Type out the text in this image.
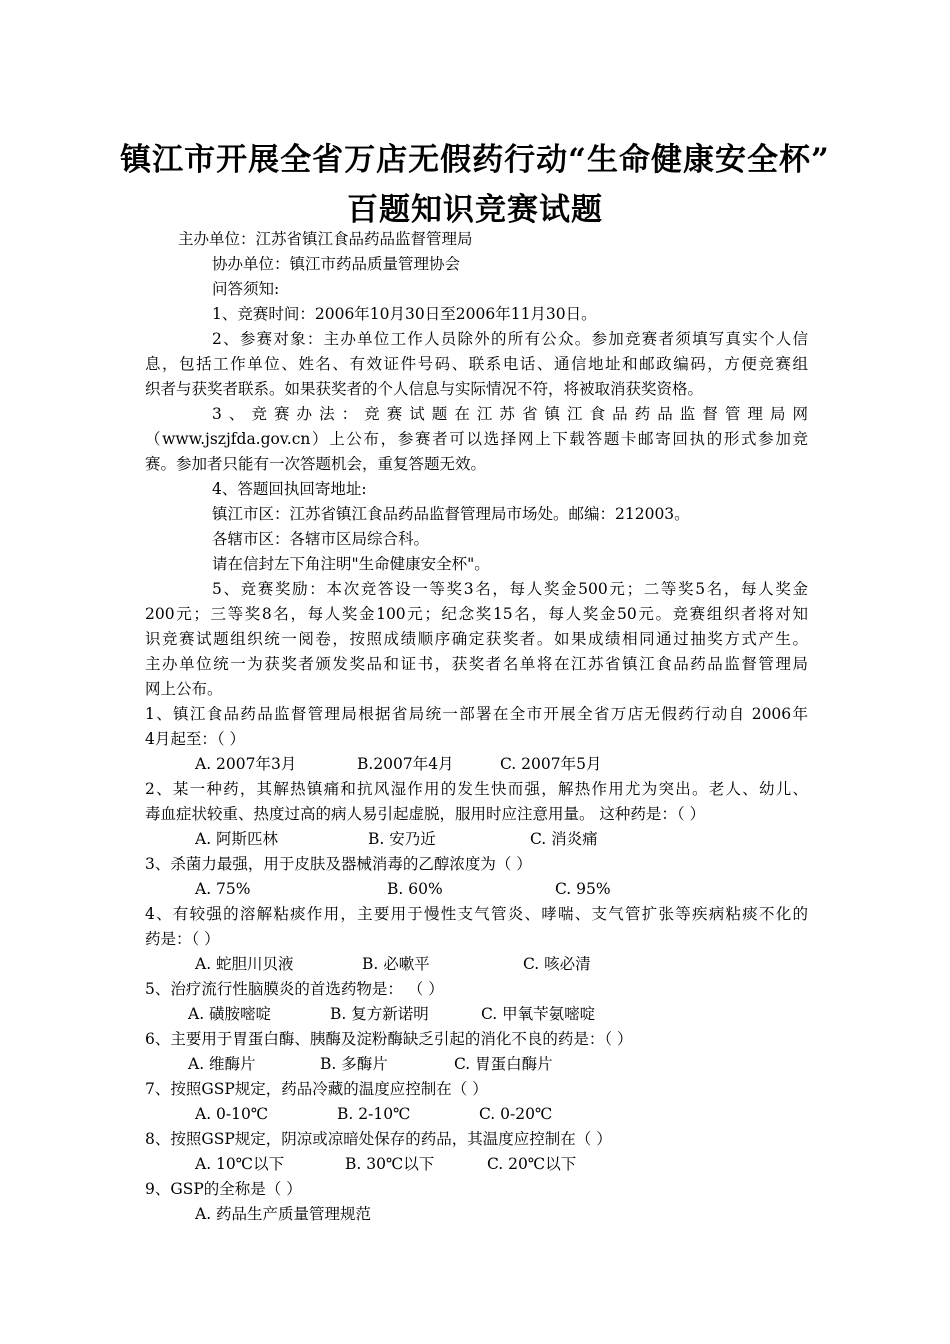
镇江市开展全省万店无假药行动“生命健康安全杯”
百题知识竞赛试题
主办单位：江苏省镇江食品药品监督管理局
协办单位：镇江市药品质量管理协会
问答须知:
1、竞赛时间：2006年10月30日至2006年11月30日。
2、参赛对象：主办单位工作人员除外的所有公众。参加竞赛者须填写真实个人信
息，包括工作单位、姓名、有效证件号码、联系电话、通信地址和邮政编码，方便竞赛组
织者与获奖者联系。如果获奖者的个人信息与实际情况不符，将被取消获奖资格。
3、竞赛办法：竞赛试题在江苏省镇江食品药品监督管理局网
（www.jszjfda.gov.cn）上公布，参赛者可以选择网上下载答题卡邮寄回执的形式参加竞
赛。参加者只能有一次答题机会，重复答题无效。
4、答题回执回寄地址:
镇江市区：江苏省镇江食品药品监督管理局市场处。邮编：212003。
各辖市区：各辖市区局综合科。
请在信封左下角注明"生命健康安全杯"。
5、竞赛奖励：本次竞答设一等奖3名，每人奖金500元；二等奖5名，每人奖金
200元；三等奖8名，每人奖金100元；纪念奖15名，每人奖金50元。竞赛组织者将对知
识竞赛试题组织统一阅卷，按照成绩顺序确定获奖者。如果成绩相同通过抽奖方式产生。
主办单位统一为获奖者颁发奖品和证书，获奖者名单将在江苏省镇江食品药品监督管理局
网上公布。
1、镇江食品药品监督管理局根据省局统一部署在全市开展全省万店无假药行动自 2006年
4月起至：（ ）
A. 2007年3月	B.2007年4月	C. 2007年5月
2、某一种药，其解热镇痛和抗风湿作用的发生快而强，解热作用尤为突出。老人、幼儿、
毒血症状较重、热度过高的病人易引起虚脱，服用时应注意用量。 这种药是：（ ）
A. 阿斯匹林	B. 安乃近	C. 消炎痛
3、杀菌力最强，用于皮肤及器械消毒的乙醇浓度为（ ）
A. 75%	B. 60%	C. 95%
4、有较强的溶解粘痰作用，主要用于慢性支气管炎、哮喘、支气管扩张等疾病粘痰不化的
药是：（ ）
A. 蛇胆川贝液	B. 必嗽平	C. 咳必清
5、治疗流行性脑膜炎的首选药物是： （ ）
A. 磺胺嘧啶	B. 复方新诺明	C. 甲氧苄氨嘧啶
6、主要用于胃蛋白酶、胰酶及淀粉酶缺乏引起的消化不良的药是：（ ）
A. 维酶片	B. 多酶片	C. 胃蛋白酶片
7、按照GSP规定，药品冷藏的温度应控制在（ ）
A. 0-10℃	B. 2-10℃	C. 0-20℃
8、按照GSP规定，阴凉或凉暗处保存的药品，其温度应控制在（ ）
A. 10℃以下	B. 30℃以下	C. 20℃以下
9、GSP的全称是（ ）
A. 药品生产质量管理规范
